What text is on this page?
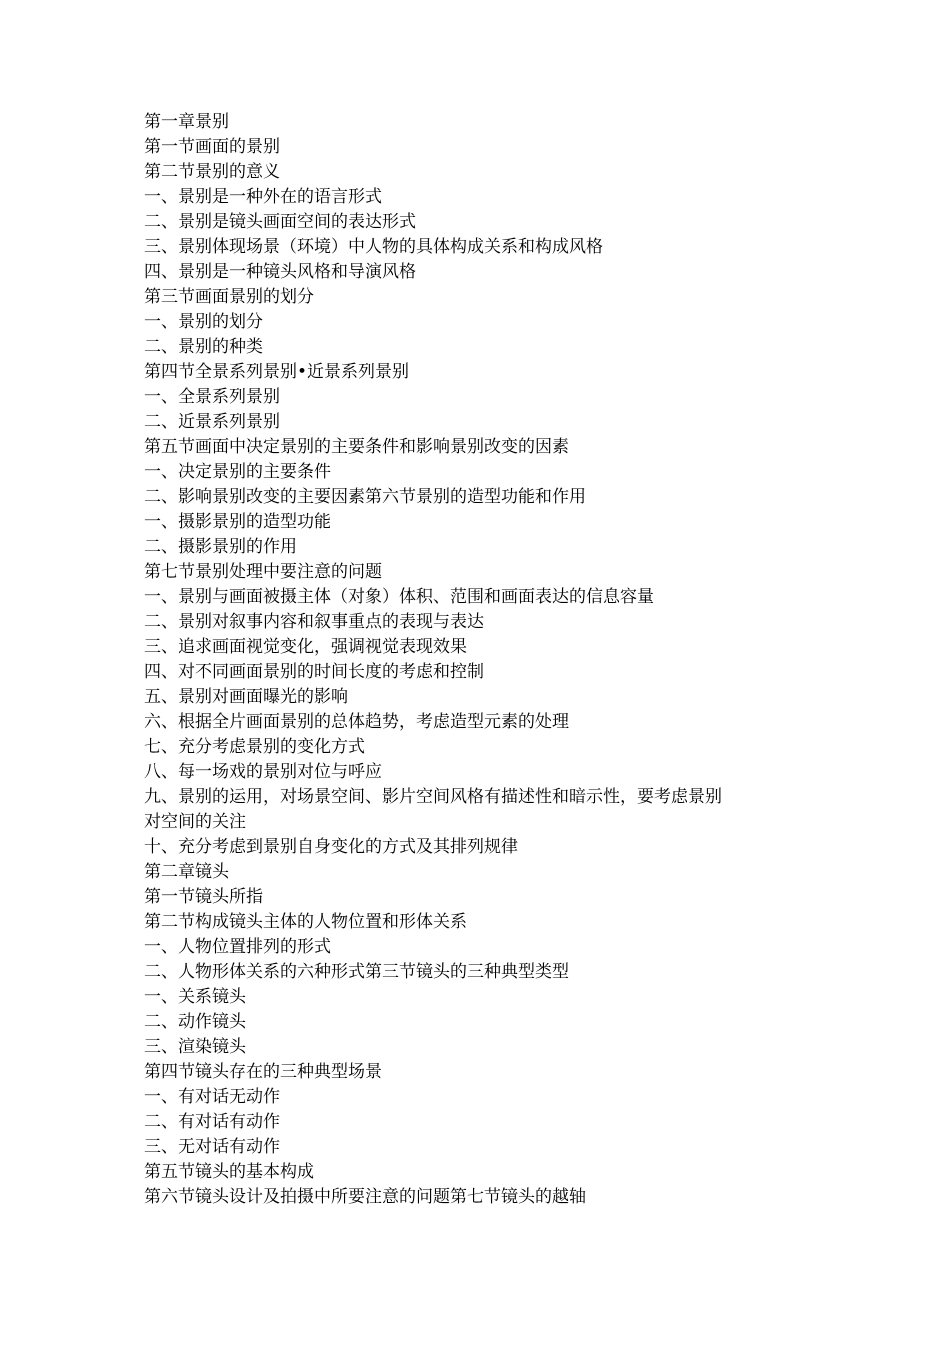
第一章景别
第一节画面的景别
第二节景别的意义
一、景别是一种外在的语言形式
二、景别是镜头画面空间的表达形式
三、景别体现场景（环境）中人物的具体构成关系和构成风格
四、景别是一种镜头风格和导演风格
第三节画面景别的划分
一、景别的划分
二、景别的种类
第四节全景系列景别•近景系列景别
一、全景系列景别
二、近景系列景别
第五节画面中决定景别的主要条件和影响景别改变的因素
一、决定景别的主要条件
二、影响景别改变的主要因素第六节景别的造型功能和作用
一、摄影景别的造型功能
二、摄影景别的作用
第七节景别处理中要注意的问题
一、景别与画面被摄主体（对象）体积、范围和画面表达的信息容量
二、景别对叙事内容和叙事重点的表现与表达
三、追求画面视觉变化，强调视觉表现效果
四、对不同画面景别的时间长度的考虑和控制
五、景别对画面曝光的影响
六、根据全片画面景别的总体趋势，考虑造型元素的处理
七、充分考虑景别的变化方式
八、每一场戏的景别对位与呼应
九、景别的运用，对场景空间、影片空间风格有描述性和暗示性，要考虑景别
对空间的关注
十、充分考虑到景别自身变化的方式及其排列规律
第二章镜头
第一节镜头所指
第二节构成镜头主体的人物位置和形体关系
一、人物位置排列的形式
二、人物形体关系的六种形式第三节镜头的三种典型类型
一、关系镜头
二、动作镜头
三、渲染镜头
第四节镜头存在的三种典型场景
一、有对话无动作
二、有对话有动作
三、无对话有动作
第五节镜头的基本构成
第六节镜头设计及拍摄中所要注意的问题第七节镜头的越轴
